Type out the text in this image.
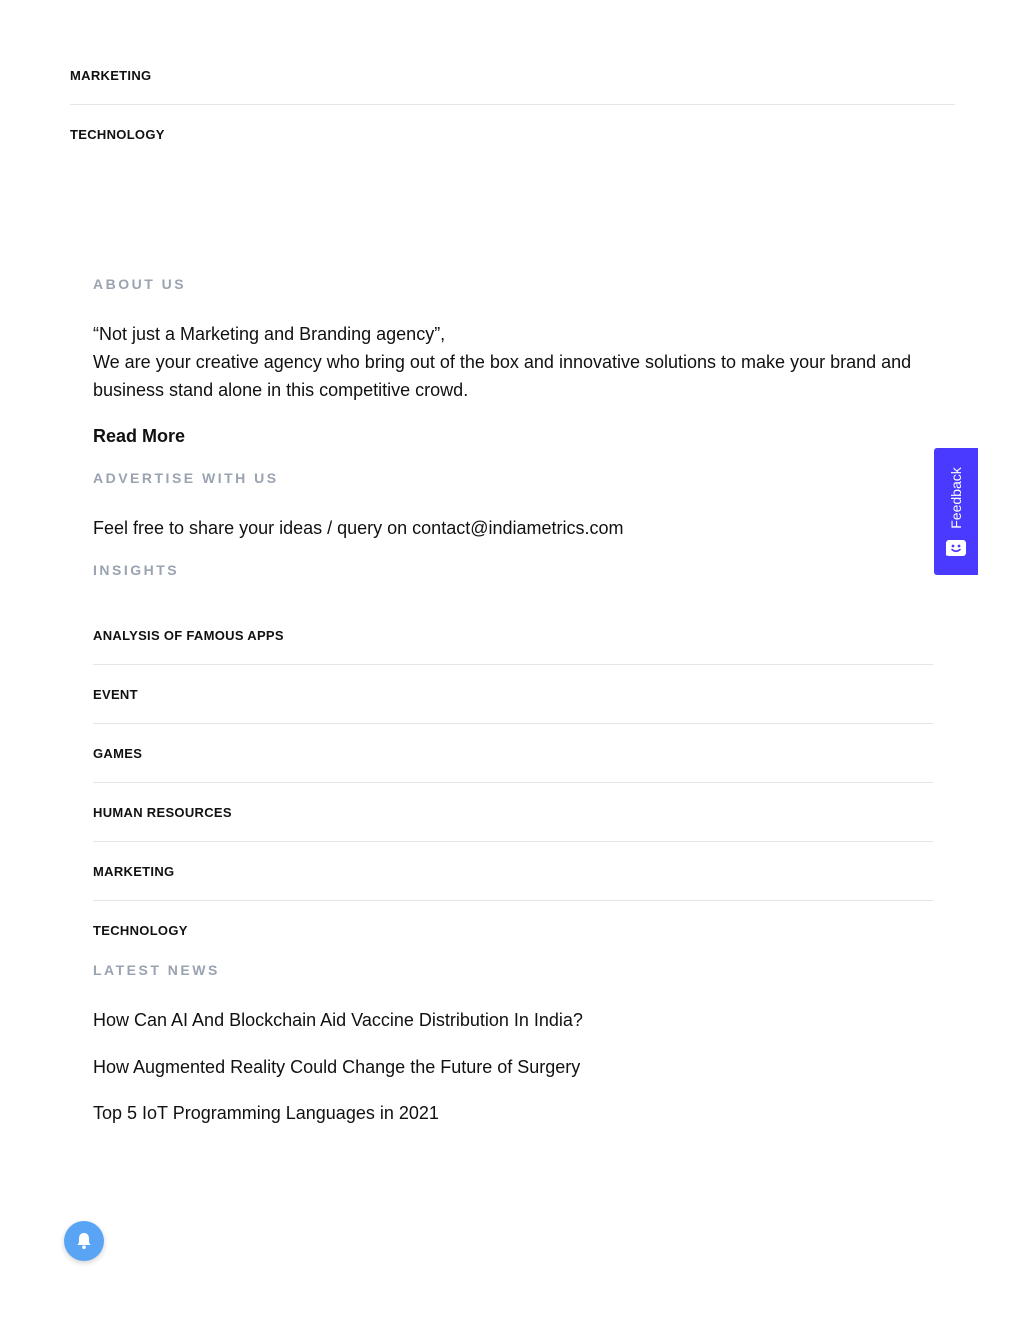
MARKETING
TECHNOLOGY
ABOUT US

“Not just a Marketing and Branding agency”,
We are your creative agency who bring out of the box and innovative solutions to make your brand and business stand alone in this competitive crowd.

Read More
ADVERTISE WITH US

Feel free to share your ideas / query on contact@indiametrics.com

INSIGHTS
ANALYSIS OF FAMOUS APPS
EVENT
GAMES
HUMAN RESOURCES
MARKETING
TECHNOLOGY
LATEST NEWS
How Can AI And Blockchain Aid Vaccine Distribution In India?
How Augmented Reality Could Change the Future of Surgery
Top 5 IoT Programming Languages in 2021
Feedback
